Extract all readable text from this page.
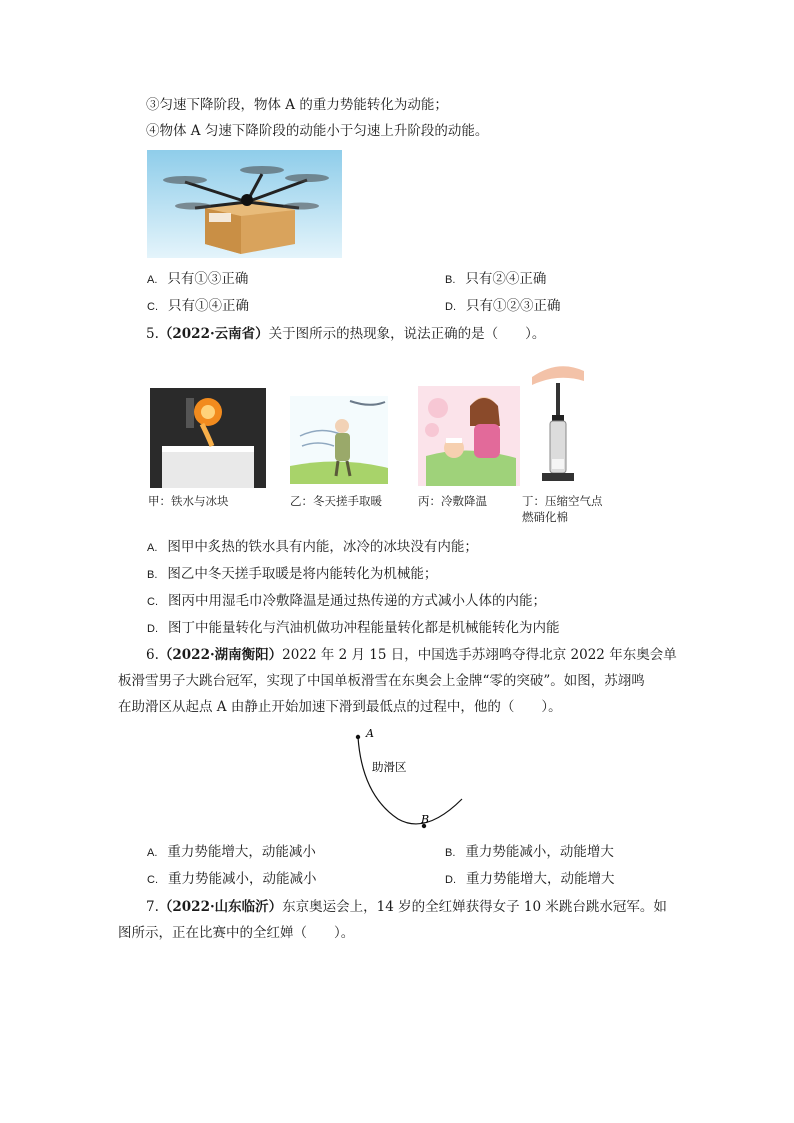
③匀速下降阶段，物体 A 的重力势能转化为动能；
④物体 A 匀速下降阶段的动能小于匀速上升阶段的动能。
A. 只有①③正确	B. 只有②④正确
C. 只有①④正确	D. 只有①②③正确
5.（2022·云南省）关于图所示的热现象，说法正确的是（　　）。
甲：铁水与冰块	乙：冬天搓手取暖	丙：冷敷降温	丁：压缩空气点
燃硝化棉
A. 图甲中炙热的铁水具有内能，冰冷的冰块没有内能；
B. 图乙中冬天搓手取暖是将内能转化为机械能；
C. 图丙中用湿毛巾冷敷降温是通过热传递的方式减小人体的内能；
D. 图丁中能量转化与汽油机做功冲程能量转化都是机械能转化为内能
6.（2022·湖南衡阳）2022 年 2 月 15 日，中国选手苏翊鸣夺得北京 2022 年东奥会单
板滑雪男子大跳台冠军，实现了中国单板滑雪在东奥会上金牌“零的突破”。如图，苏翊鸣
在助滑区从起点 A 由静止开始加速下滑到最低点的过程中，他的（　　）。
A
B
助滑区
A. 重力势能增大，动能减小	B. 重力势能减小，动能增大
C. 重力势能减小，动能减小	D. 重力势能增大，动能增大
7.（2022·山东临沂）东京奥运会上，14 岁的全红婵获得女子 10 米跳台跳水冠军。如
图所示，正在比赛中的全红婵（　　）。
